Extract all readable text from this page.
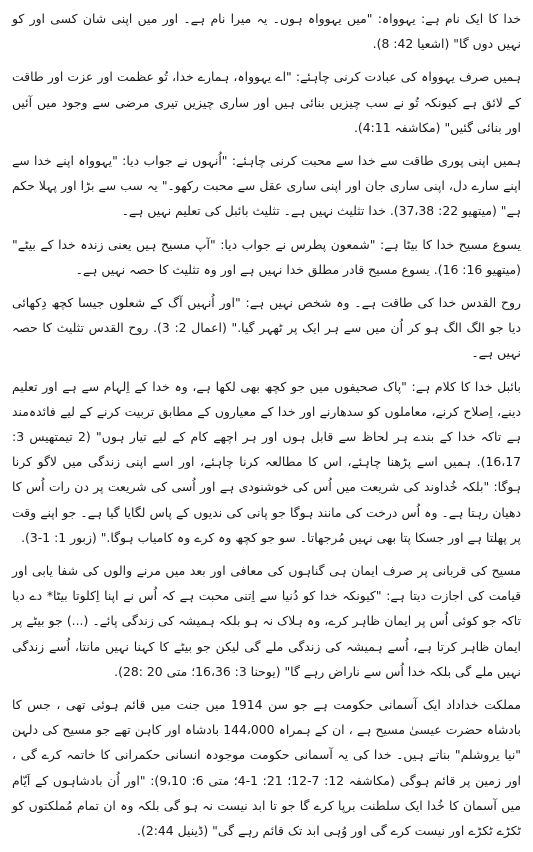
خدا کا ایک نام ہے: یہوواہ: "میں یہوواہ ہوں۔ یہ میرا نام ہے۔ اور میں اپنی شان کسی اور کو نہیں دوں گا" (اشعیا 42: 8).

ہمیں صرف یہوواہ کی عبادت کرنی چاہئے: "اے یہوواہ، ہمارے خدا، تُو عظمت اور عزت اور طاقت کے لائق ہے کیونکہ تُو نے سب چیزیں بنائی ہیں اور ساری چیزیں تیری مرضی سے وجود میں آئیں اور بنائی گئیں" (مکاشفہ 4:11).

ہمیں اپنی پوری طاقت سے خدا سے محبت کرنی چاہئے: "اُنہوں نے جواب دیا: "یہوواہ اپنے خدا سے اپنے سارے دل، اپنی ساری جان اور اپنی ساری عقل سے محبت رکھو۔" یہ سب سے بڑا اور پہلا حکم ہے" (میتھیو 22: 37،38). خدا تثلیث نہیں ہے۔ تثلیث بائبل کی تعلیم نہیں ہے۔

یسوع مسیح خدا کا بیٹا ہے: "شمعون پطرس نے جواب دیا: "آپ مسیح ہیں یعنی زندہ خدا کے بیٹے" (میتھیو 16: 16). یسوع مسیح قادر مطلق خدا نہیں ہے اور وہ تثلیث کا حصہ نہیں ہے۔

روح القدس خدا کی طاقت ہے۔ وہ شخص نہیں ہے: "اور اُنہیں آگ کے شعلوں جیسا کچھ دِکھائی دیا جو الگ الگ ہو کر اُن میں سے ہر ایک پر ٹھہر گیا." (اعمال 2: 3). روح القدس تثلیث کا حصہ نہیں ہے۔

بائبل خدا کا کلام ہے: "پاک صحیفوں میں جو کچھ بھی لکھا ہے، وہ خدا کے اِلہام سے ہے اور تعلیم دینے، اِصلاح کرنے، معاملوں کو سدھارنے اور خدا کے معیاروں کے مطابق تربیت کرنے کے لیے فائدہ‌مند ہے تاکہ خدا کے بندے ہر لحاظ سے قابل ہوں اور ہر اچھے کام کے لیے تیار ہوں" (2 تیمتھیس 3: 16،17). ہمیں اسے پڑھنا چاہئے، اس کا مطالعہ کرنا چاہئے، اور اسے اپنی زندگی میں لاگو کرنا ہوگا: "بلکہ خُداوند کی شریعت میں اُس کی خوشنودی ہے اور اُسی کی شریعت پر دن رات اُس کا دھیان رہتا ہے۔ وہ اُس درخت کی مانند ہوگا جو پانی کی ندیوں کے پاس لگایا گیا ہے۔ جو اپنے وقت پر پھلتا ہے اور جسکا پتا بھی نہیں مُرجھاتا۔ سو جو کچھ وہ کرے وہ کامیاب ہوگا." (زبور 1: 1-3).

مسیح کی قربانی پر صرف ایمان ہی گناہوں کی معافی اور بعد میں مرنے والوں کی شفا یابی اور قیامت کی اجازت دیتا ہے: "کیونکہ خدا کو دُنیا سے اِتنی محبت ہے کہ اُس نے اپنا اِکلوتا بیٹا* دے دیا تاکہ جو کوئی اُس پر ایمان ظاہر کرے، وہ ہلاک نہ ہو بلکہ ہمیشہ کی زندگی پائے۔ (...) جو بیٹے پر ایمان ظاہر کرتا ہے، اُسے ہمیشہ کی زندگی ملے گی لیکن جو بیٹے کا کہنا نہیں مانتا، اُسے زندگی نہیں ملے گی بلکہ خدا اُس سے ناراض رہے گا" (یوحنا 3: 16،36؛ متی 20 :28).

مملکت خداداد ایک آسمانی حکومت ہے جو سن 1914 میں جنت میں قائم ہوئی تھی ، جس کا بادشاہ حضرت عیسیٰ مسیح ہے ، ان کے ہمراہ 144،000 بادشاہ اور کاہن تھے جو مسیح کی دلہن "نیا یروشلم" بناتے ہیں۔ خدا کی یہ آسمانی حکومت موجودہ انسانی حکمرانی کا خاتمہ کرے گی ، اور زمین پر قائم ہوگی (مکاشفہ 12: 7-12؛ 21: 1-4؛ متی 6: 9،10): "اور اُن بادشاہوں کے اَیّام میں آسمان کا خُدا ایک سلطنت برپا کرے گا جو تا ابد نیست نہ ہو گی بلکہ وہ ان تمام مُملکتوں کو ٹکڑے ٹکڑے اور نیست کرے گی اور وُہی ابد تک قائم رہے گی" (ڈینیل 2:44).
